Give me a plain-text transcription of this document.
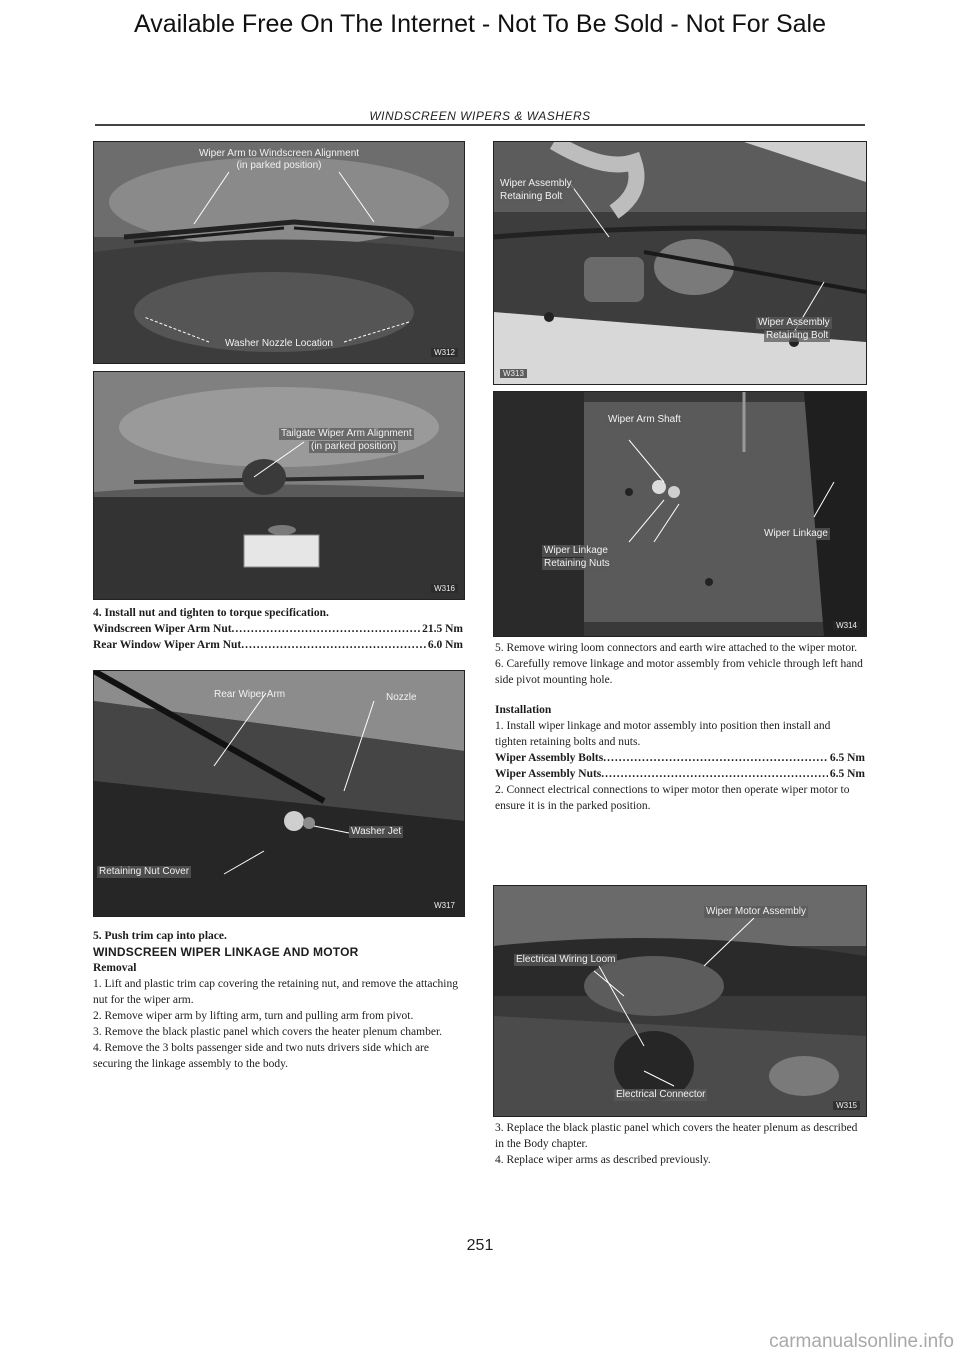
Available Free On The Internet - Not To Be Sold - Not For Sale
WINDSCREEN WIPERS & WASHERS
Wiper Arm to Windscreen Alignment
(in parked position)
Washer Nozzle Location
W312
Tailgate Wiper Arm Alignment
(in parked position)
W316

4. Install nut and tighten to torque specification.

Windscreen Wiper Arm Nut .....	21.5 Nm
Rear Window Wiper Arm Nut .....	6.0 Nm
Rear Wiper Arm	Nozzle
Washer Jet
Retaining Nut Cover
W317

5. Push trim cap into place.

WINDSCREEN WIPER LINKAGE AND MOTOR

Removal

1. Lift and plastic trim cap covering the retaining nut, and remove the attaching nut for the wiper arm.

2. Remove wiper arm by lifting arm, turn and pulling arm from pivot.

3. Remove the black plastic panel which covers the heater plenum chamber.

4. Remove the 3 bolts passenger side and two nuts drivers side which are securing the linkage assembly to the body.

Wiper Assembly
Retaining Bolt
Wiper Assembly
Retaining Bolt
W313
Wiper Arm Shaft
Wiper Linkage
Wiper Linkage
Retaining Nuts
W314

5. Remove wiring loom connectors and earth wire attached to the wiper motor.

6. Carefully remove linkage and motor assembly from vehicle through left hand side pivot mounting hole.

Installation

1. Install wiper linkage and motor assembly into position then install and tighten retaining bolts and nuts.

Wiper Assembly Bolts .....	6.5 Nm
Wiper Assembly Nuts .....	6.5 Nm

2. Connect electrical connections to wiper motor then operate wiper motor to ensure it is in the parked position.

Wiper Motor Assembly
Electrical Wiring Loom
Electrical Connector
W315

3. Replace the black plastic panel which covers the heater plenum as described in the Body chapter.

4. Replace wiper arms as described previously.

251
carmanualsonline.info
